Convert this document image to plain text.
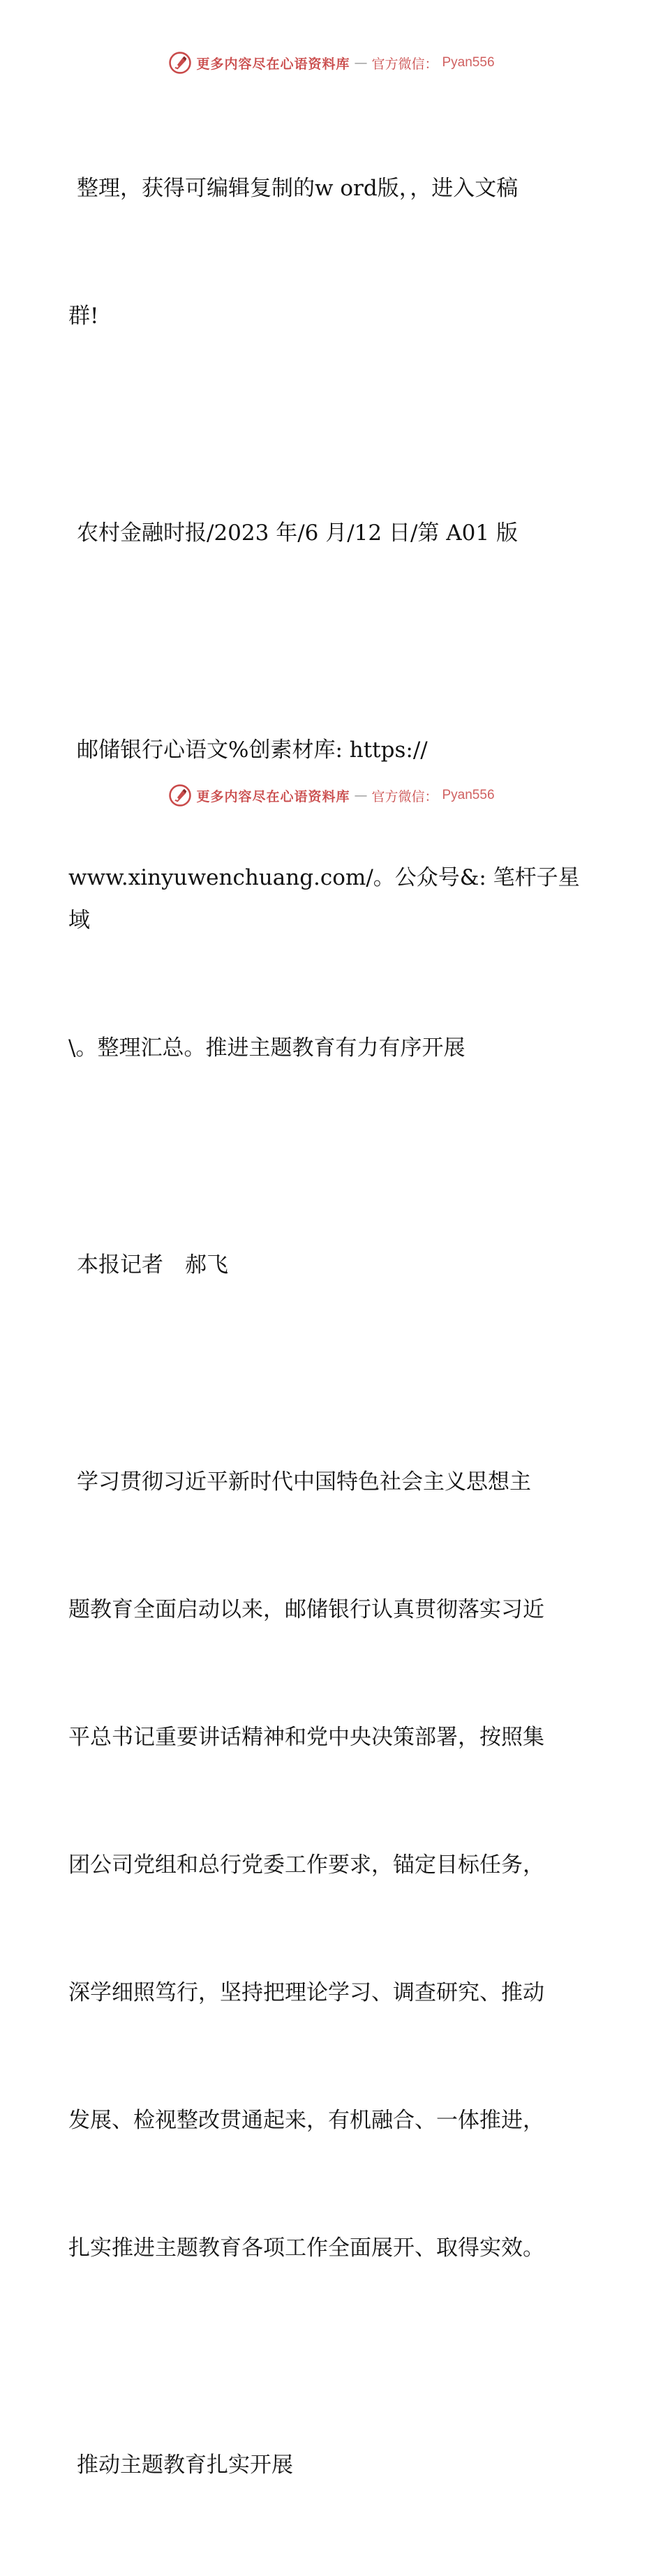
更多内容尽在心语资料库 — 官方微信： Pyan556

整理，获得可编辑复制的w ord版，，进入文稿

群!

农村金融时报/2023 年/6 月/12 日/第 A01 版

邮储银行心语文%创素材库: https://

www.xinyuwenchuang.com/。公众号&: 笔杆子星域

\。整理汇总。推进主题教育有力有序开展

本报记者　郝飞

学习贯彻习近平新时代中国特色社会主义思想主

题教育全面启动以来，邮储银行认真贯彻落实习近

平总书记重要讲话精神和党中央决策部署，按照集

团公司党组和总行党委工作要求，锚定目标任务，

深学细照笃行，坚持把理论学习、调查研究、推动

发展、检视整改贯通起来，有机融合、一体推进，

扎实推进主题教育各项工作全面展开、取得实效。

推动主题教育扎实开展

更多内容尽在心语资料库 — 官方微信： Pyan556
